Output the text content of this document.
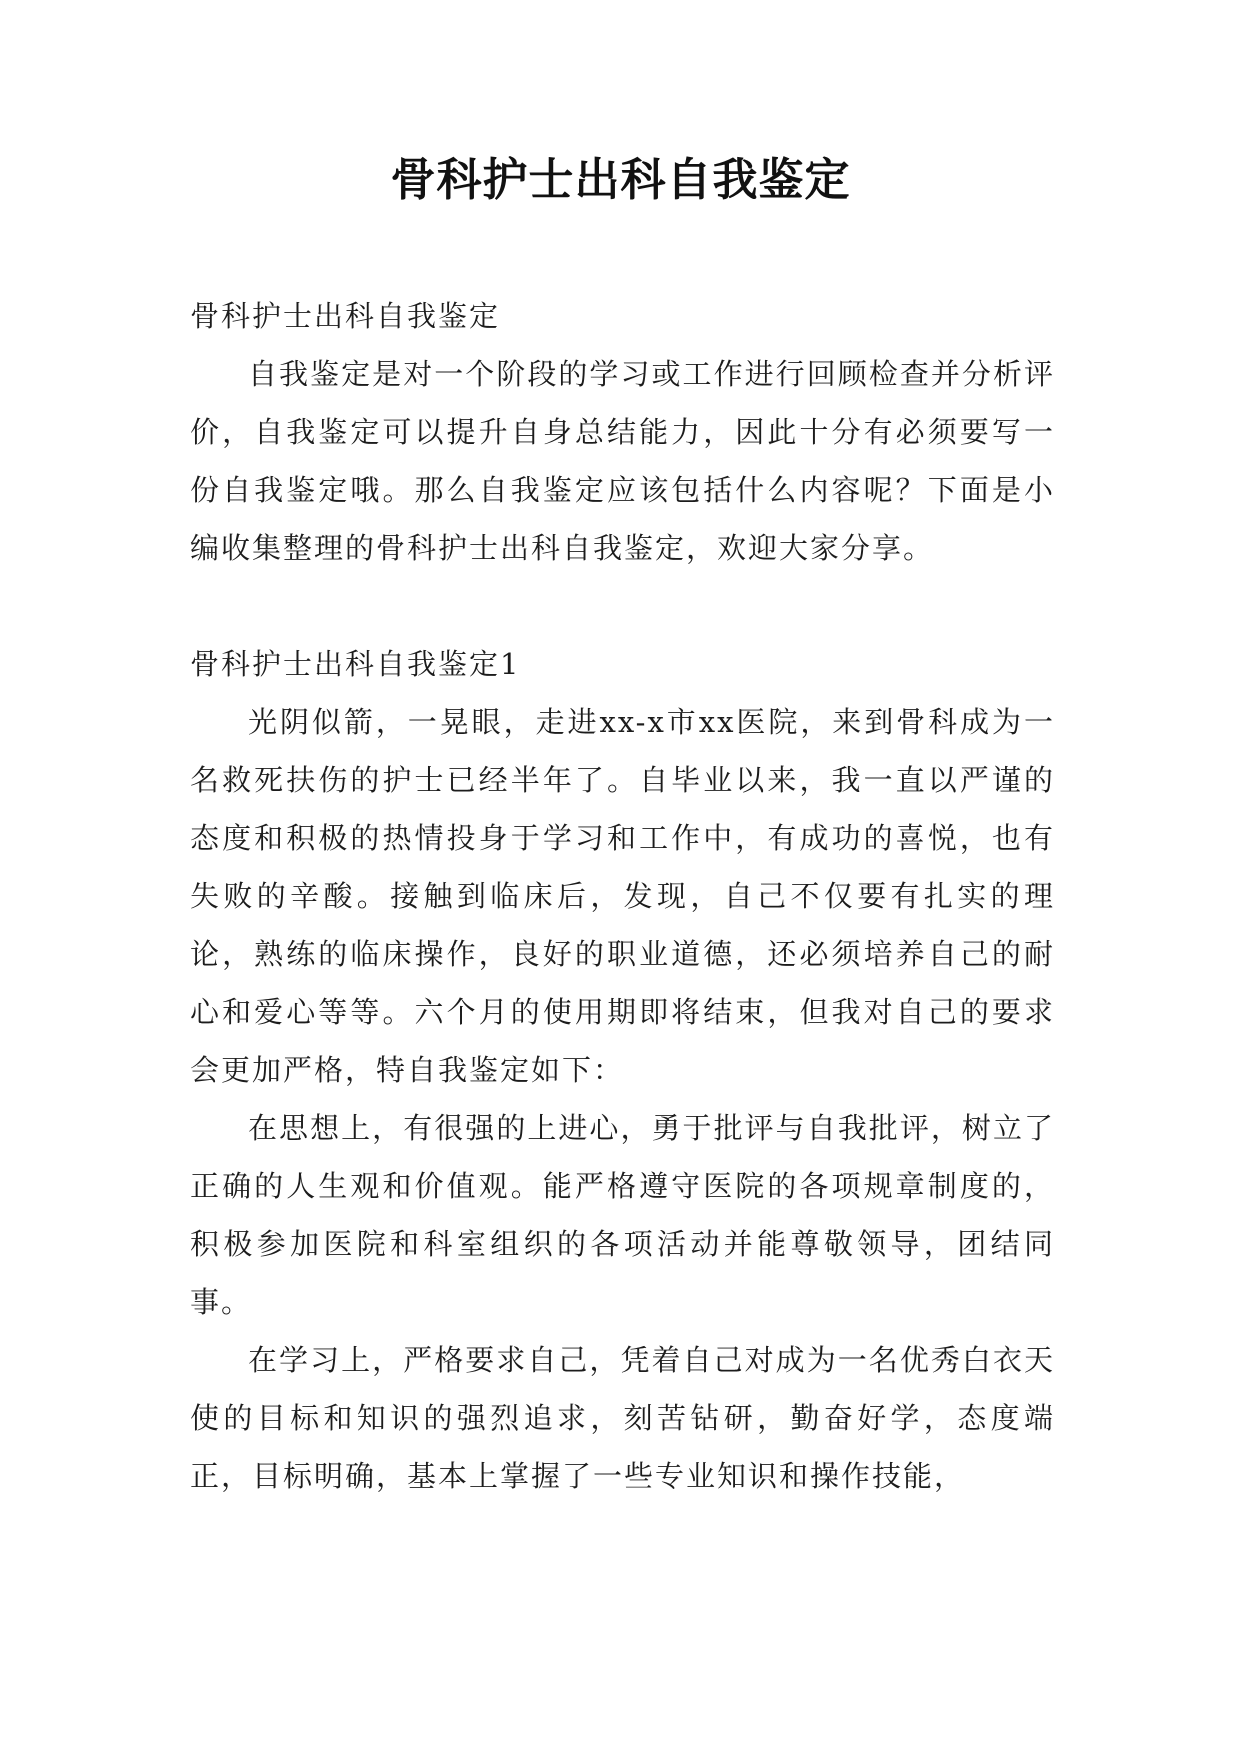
骨科护士出科自我鉴定

骨科护士出科自我鉴定

自我鉴定是对一个阶段的学习或工作进行回顾检查并分析评价，自我鉴定可以提升自身总结能力，因此十分有必须要写一份自我鉴定哦。那么自我鉴定应该包括什么内容呢？下面是小编收集整理的骨科护士出科自我鉴定，欢迎大家分享。

骨科护士出科自我鉴定1

光阴似箭，一晃眼，走进xx-x市xx医院，来到骨科成为一名救死扶伤的护士已经半年了。自毕业以来，我一直以严谨的态度和积极的热情投身于学习和工作中，有成功的喜悦，也有失败的辛酸。接触到临床后，发现，自己不仅要有扎实的理论，熟练的临床操作，良好的职业道德，还必须培养自己的耐心和爱心等等。六个月的使用期即将结束，但我对自己的要求会更加严格，特自我鉴定如下：

在思想上，有很强的上进心，勇于批评与自我批评，树立了正确的人生观和价值观。能严格遵守医院的各项规章制度的，积极参加医院和科室组织的各项活动并能尊敬领导，团结同事。

在学习上，严格要求自己，凭着自己对成为一名优秀白衣天使的目标和知识的强烈追求，刻苦钻研，勤奋好学，态度端正，目标明确，基本上掌握了一些专业知识和操作技能，
